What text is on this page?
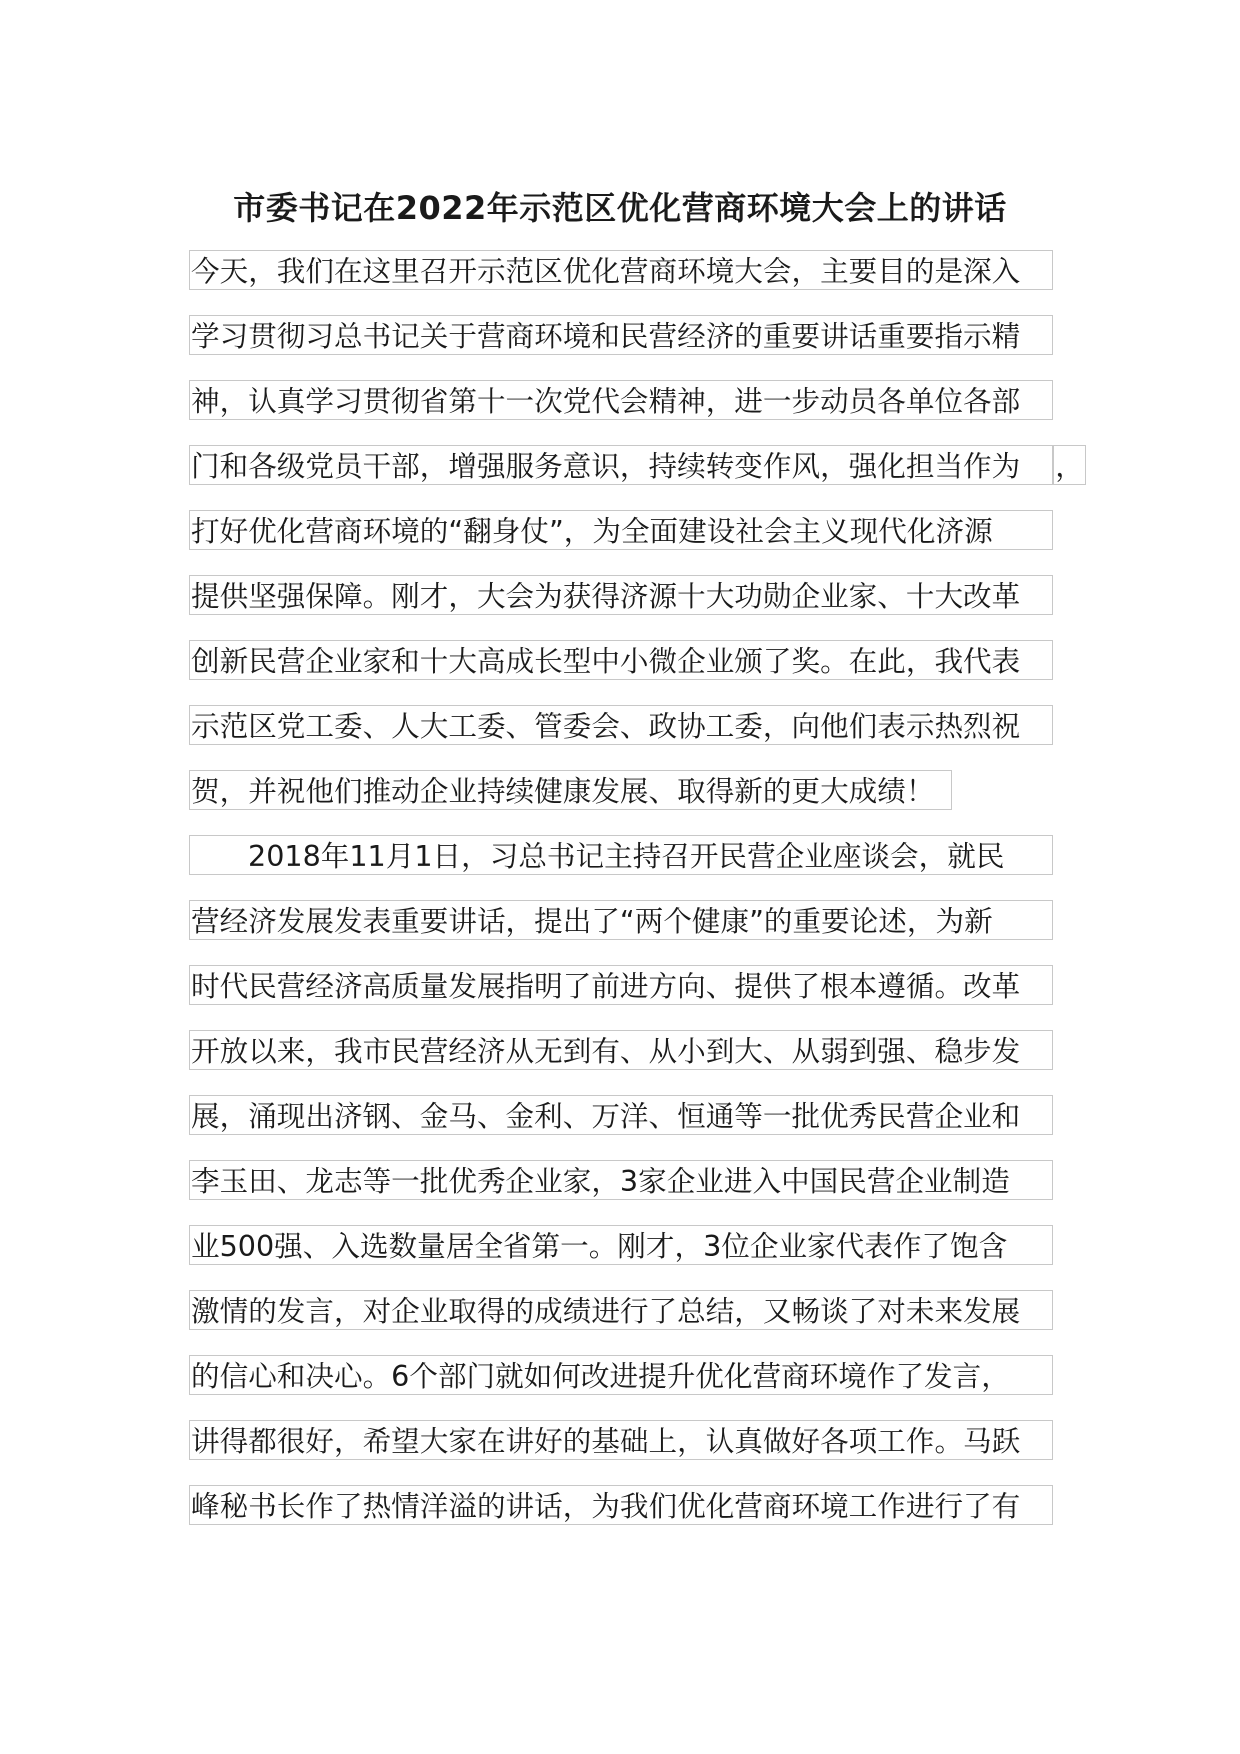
市委书记在2022年示范区优化营商环境大会上的讲话
今天，我们在这里召开示范区优化营商环境大会，主要目的是深入
学习贯彻习总书记关于营商环境和民营经济的重要讲话重要指示精
神，认真学习贯彻省第十一次党代会精神，进一步动员各单位各部
门和各级党员干部，增强服务意识，持续转变作风，强化担当作为	，
打好优化营商环境的“翻身仗”，为全面建设社会主义现代化济源
提供坚强保障。刚才，大会为获得济源十大功勋企业家、十大改革
创新民营企业家和十大高成长型中小微企业颁了奖。在此，我代表
示范区党工委、人大工委、管委会、政协工委，向他们表示热烈祝
贺，并祝他们推动企业持续健康发展、取得新的更大成绩！
2018年11月1日，习总书记主持召开民营企业座谈会，就民
营经济发展发表重要讲话，提出了“两个健康”的重要论述，为新
时代民营经济高质量发展指明了前进方向、提供了根本遵循。改革
开放以来，我市民营经济从无到有、从小到大、从弱到强、稳步发
展，涌现出济钢、金马、金利、万洋、恒通等一批优秀民营企业和
李玉田、龙志等一批优秀企业家，3家企业进入中国民营企业制造
业500强、入选数量居全省第一。刚才，3位企业家代表作了饱含
激情的发言，对企业取得的成绩进行了总结，又畅谈了对未来发展
的信心和决心。6个部门就如何改进提升优化营商环境作了发言，
讲得都很好，希望大家在讲好的基础上，认真做好各项工作。马跃
峰秘书长作了热情洋溢的讲话，为我们优化营商环境工作进行了有
